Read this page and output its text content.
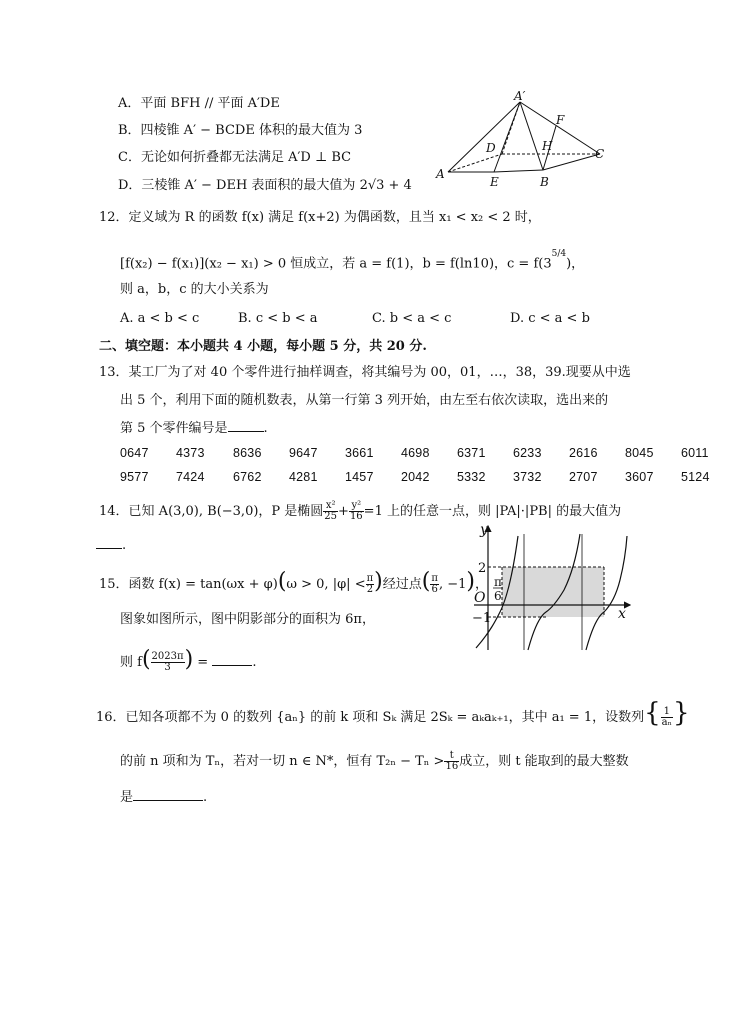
A．平面 BFH // 平面 A′DE
B．四棱锥 A′ − BCDE 体积的最大值为 3
C．无论如何折叠都无法满足 A′D ⊥ BC
D．三棱锥 A′ − DEH 表面积的最大值为 2√3 + 4
A′
F
D	H
C
A
E	B
12．定义域为 R 的函数 f(x) 满足 f(x+2) 为偶函数，且当 x₁ < x₂ < 2 时，
[f(x₂) − f(x₁)](x₂ − x₁) > 0 恒成立，若 a = f(1)，b = f(ln10)，$c = f(3^{5/4})$，
则 a，b，c 的大小关系为
A. a < b < c	B. c < b < a	C. b < a < c	D. c < a < b
二、填空题：本小题共 4 小题，每小题 5 分，共 20 分.
13．某工厂为了对 40 个零件进行抽样调查，将其编号为 00，01，…，38，39.现要从中选
出 5 个，利用下面的随机数表，从第一行第 3 列开始，由左至右依次读取，选出来的
第 5 个零件编号是	.
0647 4373 8636 9647 3661 4698 6371 6233 2616 8045 6011
9577 7424 6762 4281 1457 2042 5332 3732 2707 3607 5124
14．已知 A(3,0), B(−3,0)，P 是椭圆 $\frac{\text{x²}}{25} + \frac{\text{y²}}{16} =1$ 上的任意一点，则 |PA|·|PB| 的最大值为
.
15．函数 f(x) = tan(ωx + φ)(ω > 0, $|\varphi| < \frac{\pi}{2}$ )经过点( $\frac{\pi}{6}$ , −1)，
图象如图所示，图中阴影部分的面积为 6π，
则 $f( \frac{2023\pi}{3}$ ) =	.
y
x
O
2
−1
π
6
16．已知各项都不为 0 的数列 {aₙ} 的前 k 项和 Sₖ 满足 2Sₖ = aₖaₖ₊₁，其中 a₁ = 1，设数列{ $\frac{1}{\text{aₙ}}$ }
的前 n 项和为 Tₙ，若对一切 n ∈ N*，恒有 $T_{2n} - T_n > \frac{t}{16}$ 成立，则 t 能取到的最大整数
是	.
